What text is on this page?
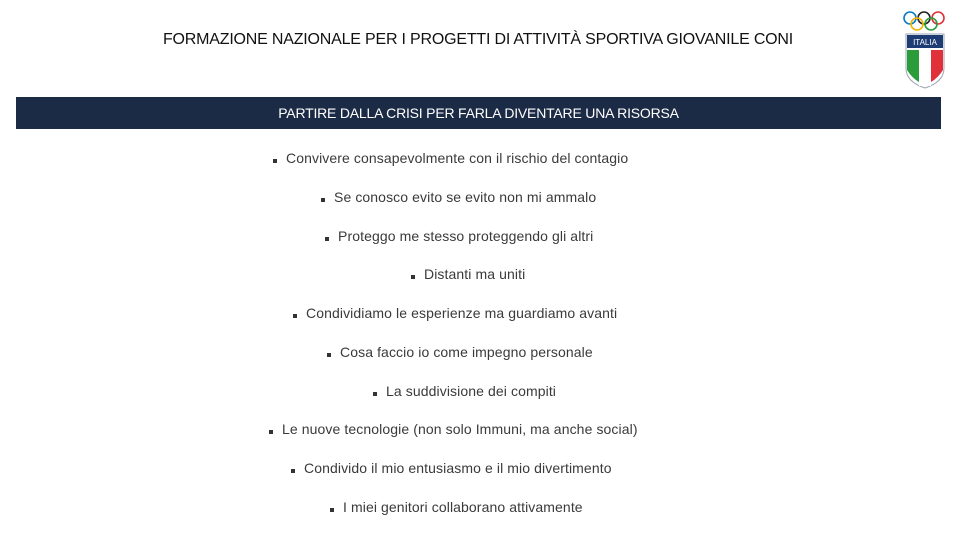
FORMAZIONE NAZIONALE PER I PROGETTI DI ATTIVITÀ SPORTIVA GIOVANILE CONI	ITALIA
PARTIRE DALLA CRISI PER FARLA DIVENTARE UNA RISORSA
Convivere consapevolmente con il rischio del contagio
Se conosco evito se evito non mi ammalo
Proteggo me stesso proteggendo gli altri
Distanti ma uniti
Condividiamo le esperienze ma guardiamo avanti
Cosa faccio io come impegno personale
La suddivisione dei compiti
Le nuove tecnologie (non solo Immuni, ma anche social)
Condivido il mio entusiasmo e il mio divertimento
I miei genitori collaborano attivamente
